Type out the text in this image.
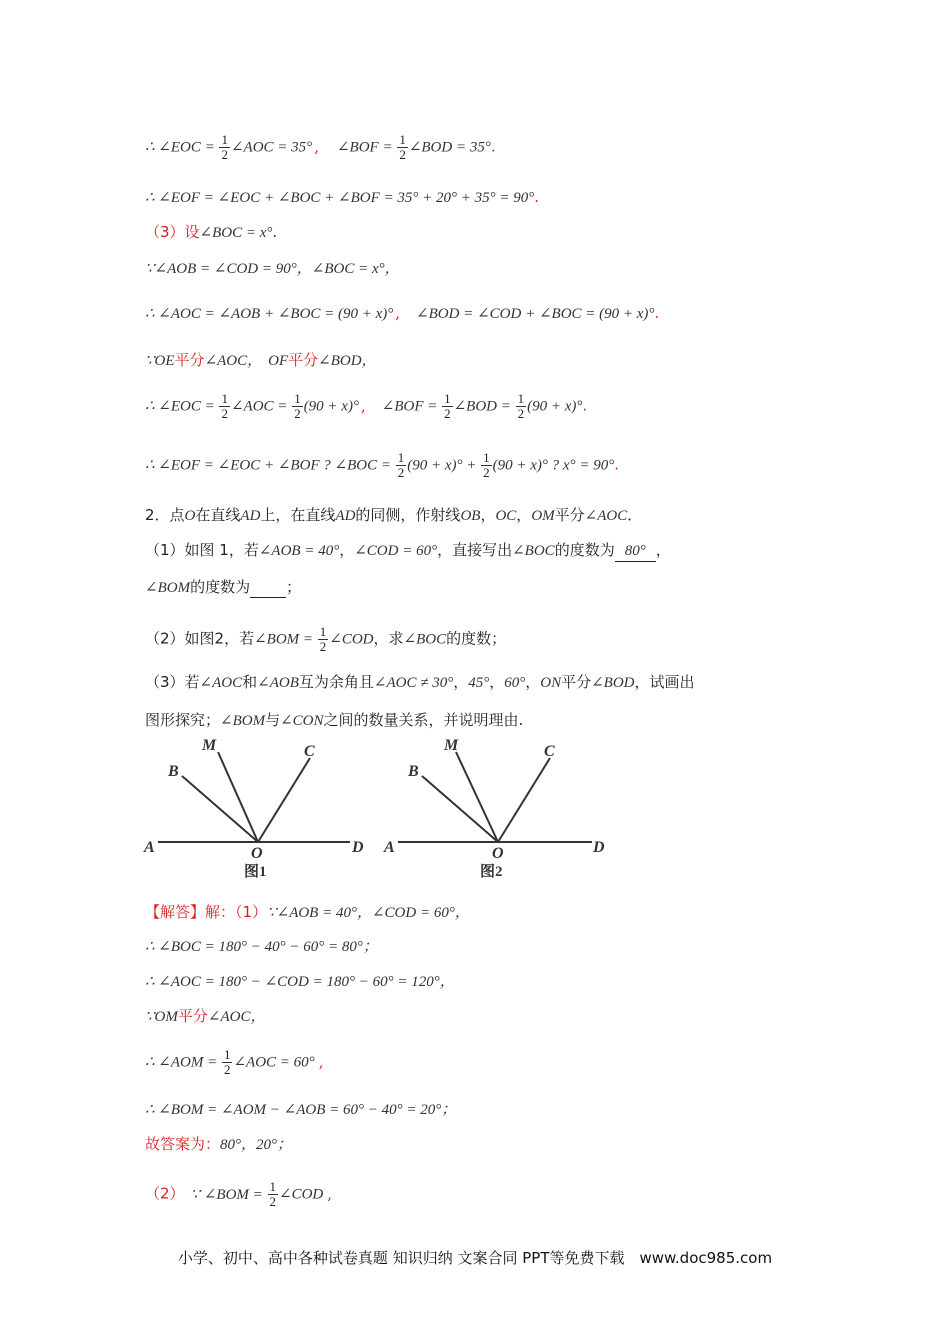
∴ ∠EOC = $\frac{1}{2}$ ∠AOC = 35° , ∠BOF = $\frac{1}{2}$ ∠BOD = 35°.
∴ ∠EOF = ∠EOC + ∠BOC + ∠BOF = 35° + 20° + 35° = 90°.
（3）设∠BOC = x°.
∵∠AOB = ∠COD = 90°，∠BOC = x°，
∴ ∠AOC = ∠AOB + ∠BOC = (90 + x)° , ∠BOD = ∠COD + ∠BOC = (90 + x)°.
∵OE平分∠AOC， OF平分∠BOD，
∴ ∠EOC = $\frac{1}{2}$ ∠AOC = $\frac{1}{2} (90 + x)^\circ$ , ∠BOF = $\frac{1}{2}$ ∠BOD = $\frac{1}{2} (90 + x)^\circ$.
∴ ∠EOF = ∠EOC + ∠BOF ? ∠BOC = $\frac{1}{2} (90 + x)^\circ + \frac{1}{2} (90 + x)^\circ$ ? x° = 90°.
2．点O在直线AD上，在直线AD的同侧，作射线OB，OC，OM平分∠AOC．
（1）如图 1，若∠AOB = 40°，∠COD = 60°，直接写出∠BOC的度数为 80° ，
∠BOM的度数为 ；
（2）如图2，若∠BOM = $\frac{1}{2}$ ∠COD，求∠BOC的度数；
（3）若∠AOC和∠AOB互为余角且∠AOC ≠ 30°，45°，60°，ON平分∠BOD，试画出
图形探究；∠BOM与∠CON之间的数量关系，并说明理由.
A
B
M	C
O	D
图1
A
B
M	C
O	D
图2
【解答】解：（1）∵∠AOB = 40°，∠COD = 60°，
∴ ∠BOC = 180° − 40° − 60° = 80°；
∴ ∠AOC = 180° − ∠COD = 180° − 60° = 120°，
∵OM平分∠AOC，
∴ ∠AOM = $\frac{1}{2}$ ∠AOC = 60° ,
∴ ∠BOM = ∠AOM − ∠AOB = 60° − 40° = 20°；
故答案为：80°，20°；
（2） ∵ ∠BOM = $\frac{1}{2}$ ∠COD ,
小学、初中、高中各种试卷真题 知识归纳 文案合同 PPT等免费下载　www.doc985.com
